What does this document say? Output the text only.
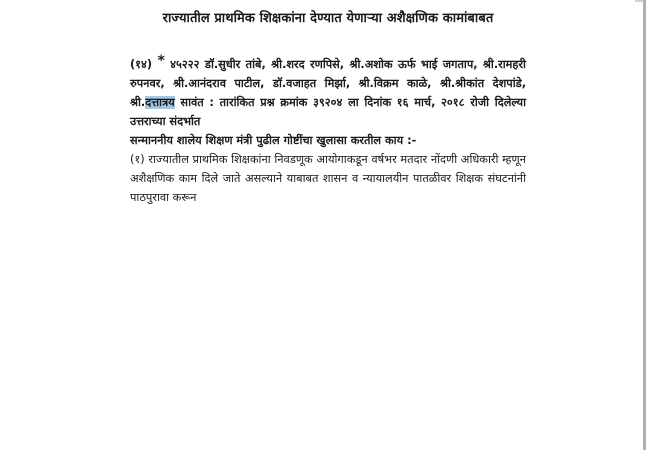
राज्यातील प्राथमिक शिक्षकांना देण्यात येणाऱ्या अशैक्षणिक कामांबाबत

(१४) * ४५२२२ डॉ.सुधीर तांबे, श्री.शरद रणपिसे, श्री.अशोक ऊर्फ भाई जगताप, श्री.रामहरी रुपनवर, श्री.आनंदराव पाटील, डॉ.वजाहत मिर्झा, श्री.विक्रम काळे, श्री.श्रीकांत देशपांडे, श्री.दत्तात्रय सावंत : तारांकित प्रश्न क्रमांक ३९२०४ ला दिनांक १६ मार्च, २०१८ रोजी दिलेल्या उत्तराच्या संदर्भात

सन्माननीय शालेय शिक्षण मंत्री पुढील गोष्टींचा खुलासा करतील काय :-

(१) राज्यातील प्राथमिक शिक्षकांना निवडणूक आयोगाकडून वर्षभर मतदार नोंदणी अधिकारी म्हणून अशैक्षणिक काम दिले जाते असल्याने याबाबत शासन व न्यायालयीन पातळीवर शिक्षक संघटनांनी पाठपुरावा करून
